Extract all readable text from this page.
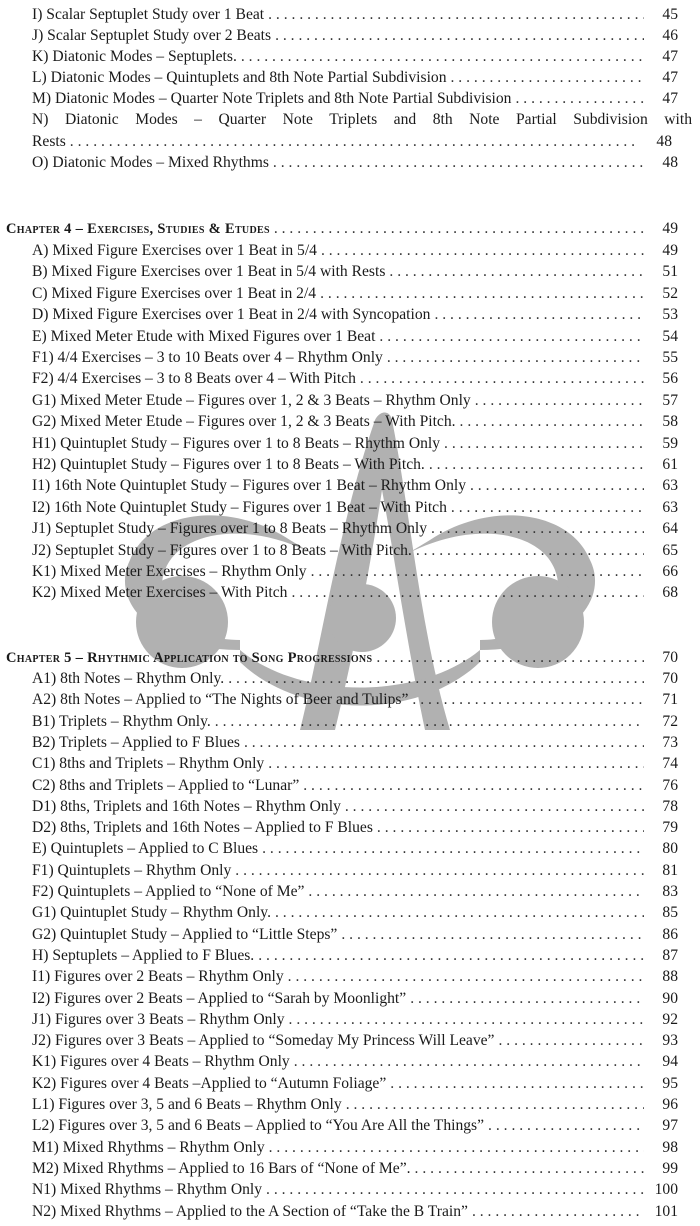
I) Scalar Septuplet Study over 1 Beat . . .	45
J) Scalar Septuplet Study over 2 Beats . . .	46
K) Diatonic Modes – Septuplets. . . .	47
L) Diatonic Modes – Quintuplets and 8th Note Partial Subdivision . . .	47
M) Diatonic Modes – Quarter Note Triplets and 8th Note Partial Subdivision . . .	47
N) Diatonic Modes – Quarter Note Triplets and 8th Note Partial Subdivision with
Rests . . .	48
O) Diatonic Modes – Mixed Rhythms . . .	48
Chapter 4 – Exercises, Studies & Etudes . . .	49
A) Mixed Figure Exercises over 1 Beat in 5/4 . . .	49
B) Mixed Figure Exercises over 1 Beat in 5/4 with Rests . . .	51
C) Mixed Figure Exercises over 1 Beat in 2/4 . . .	52
D) Mixed Figure Exercises over 1 Beat in 2/4 with Syncopation . . .	53
E) Mixed Meter Etude with Mixed Figures over 1 Beat . . .	54
F1) 4/4 Exercises – 3 to 10 Beats over 4 – Rhythm Only . . .	55
F2) 4/4 Exercises – 3 to 8 Beats over 4 – With Pitch . . .	56
G1) Mixed Meter Etude – Figures over 1, 2 & 3 Beats – Rhythm Only . . .	57
G2) Mixed Meter Etude – Figures over 1, 2 & 3 Beats – With Pitch. . . .	58
H1) Quintuplet Study – Figures over 1 to 8 Beats – Rhythm Only . . .	59
H2) Quintuplet Study – Figures over 1 to 8 Beats – With Pitch. . . .	61
I1) 16th Note Quintuplet Study – Figures over 1 Beat – Rhythm Only . . .	63
I2) 16th Note Quintuplet Study – Figures over 1 Beat – With Pitch . . .	63
J1) Septuplet Study – Figures over 1 to 8 Beats – Rhythm Only . . .	64
J2) Septuplet Study – Figures over 1 to 8 Beats – With Pitch. . . .	65
K1) Mixed Meter Exercises – Rhythm Only . . .	66
K2) Mixed Meter Exercises – With Pitch . . .	68
Chapter 5 – Rhythmic Application to Song Progressions . . .	70
A1) 8th Notes – Rhythm Only. . . .	70
A2) 8th Notes – Applied to “The Nights of Beer and Tulips” . . .	71
B1) Triplets – Rhythm Only. . . .	72
B2) Triplets – Applied to F Blues . . .	73
C1) 8ths and Triplets – Rhythm Only . . .	74
C2) 8ths and Triplets – Applied to “Lunar” . . .	76
D1) 8ths, Triplets and 16th Notes – Rhythm Only . . .	78
D2) 8ths, Triplets and 16th Notes – Applied to F Blues . . .	79
E) Quintuplets – Applied to C Blues . . .	80
F1) Quintuplets – Rhythm Only . . .	81
F2) Quintuplets – Applied to “None of Me” . . .	83
G1) Quintuplet Study – Rhythm Only. . . .	85
G2) Quintuplet Study – Applied to “Little Steps” . . .	86
H) Septuplets – Applied to F Blues. . . .	87
I1) Figures over 2 Beats – Rhythm Only . . .	88
I2) Figures over 2 Beats – Applied to “Sarah by Moonlight” . . .	90
J1) Figures over 3 Beats – Rhythm Only . . .	92
J2) Figures over 3 Beats – Applied to “Someday My Princess Will Leave” . . .	93
K1) Figures over 4 Beats – Rhythm Only . . .	94
K2) Figures over 4 Beats –Applied to “Autumn Foliage” . . .	95
L1) Figures over 3, 5 and 6 Beats – Rhythm Only . . .	96
L2) Figures over 3, 5 and 6 Beats – Applied to “You Are All the Things” . . .	97
M1) Mixed Rhythms – Rhythm Only . . .	98
M2) Mixed Rhythms – Applied to 16 Bars of “None of Me”. . . .	99
N1) Mixed Rhythms – Rhythm Only . . .	100
N2) Mixed Rhythms – Applied to the A Section of “Take the B Train” . . .	101
